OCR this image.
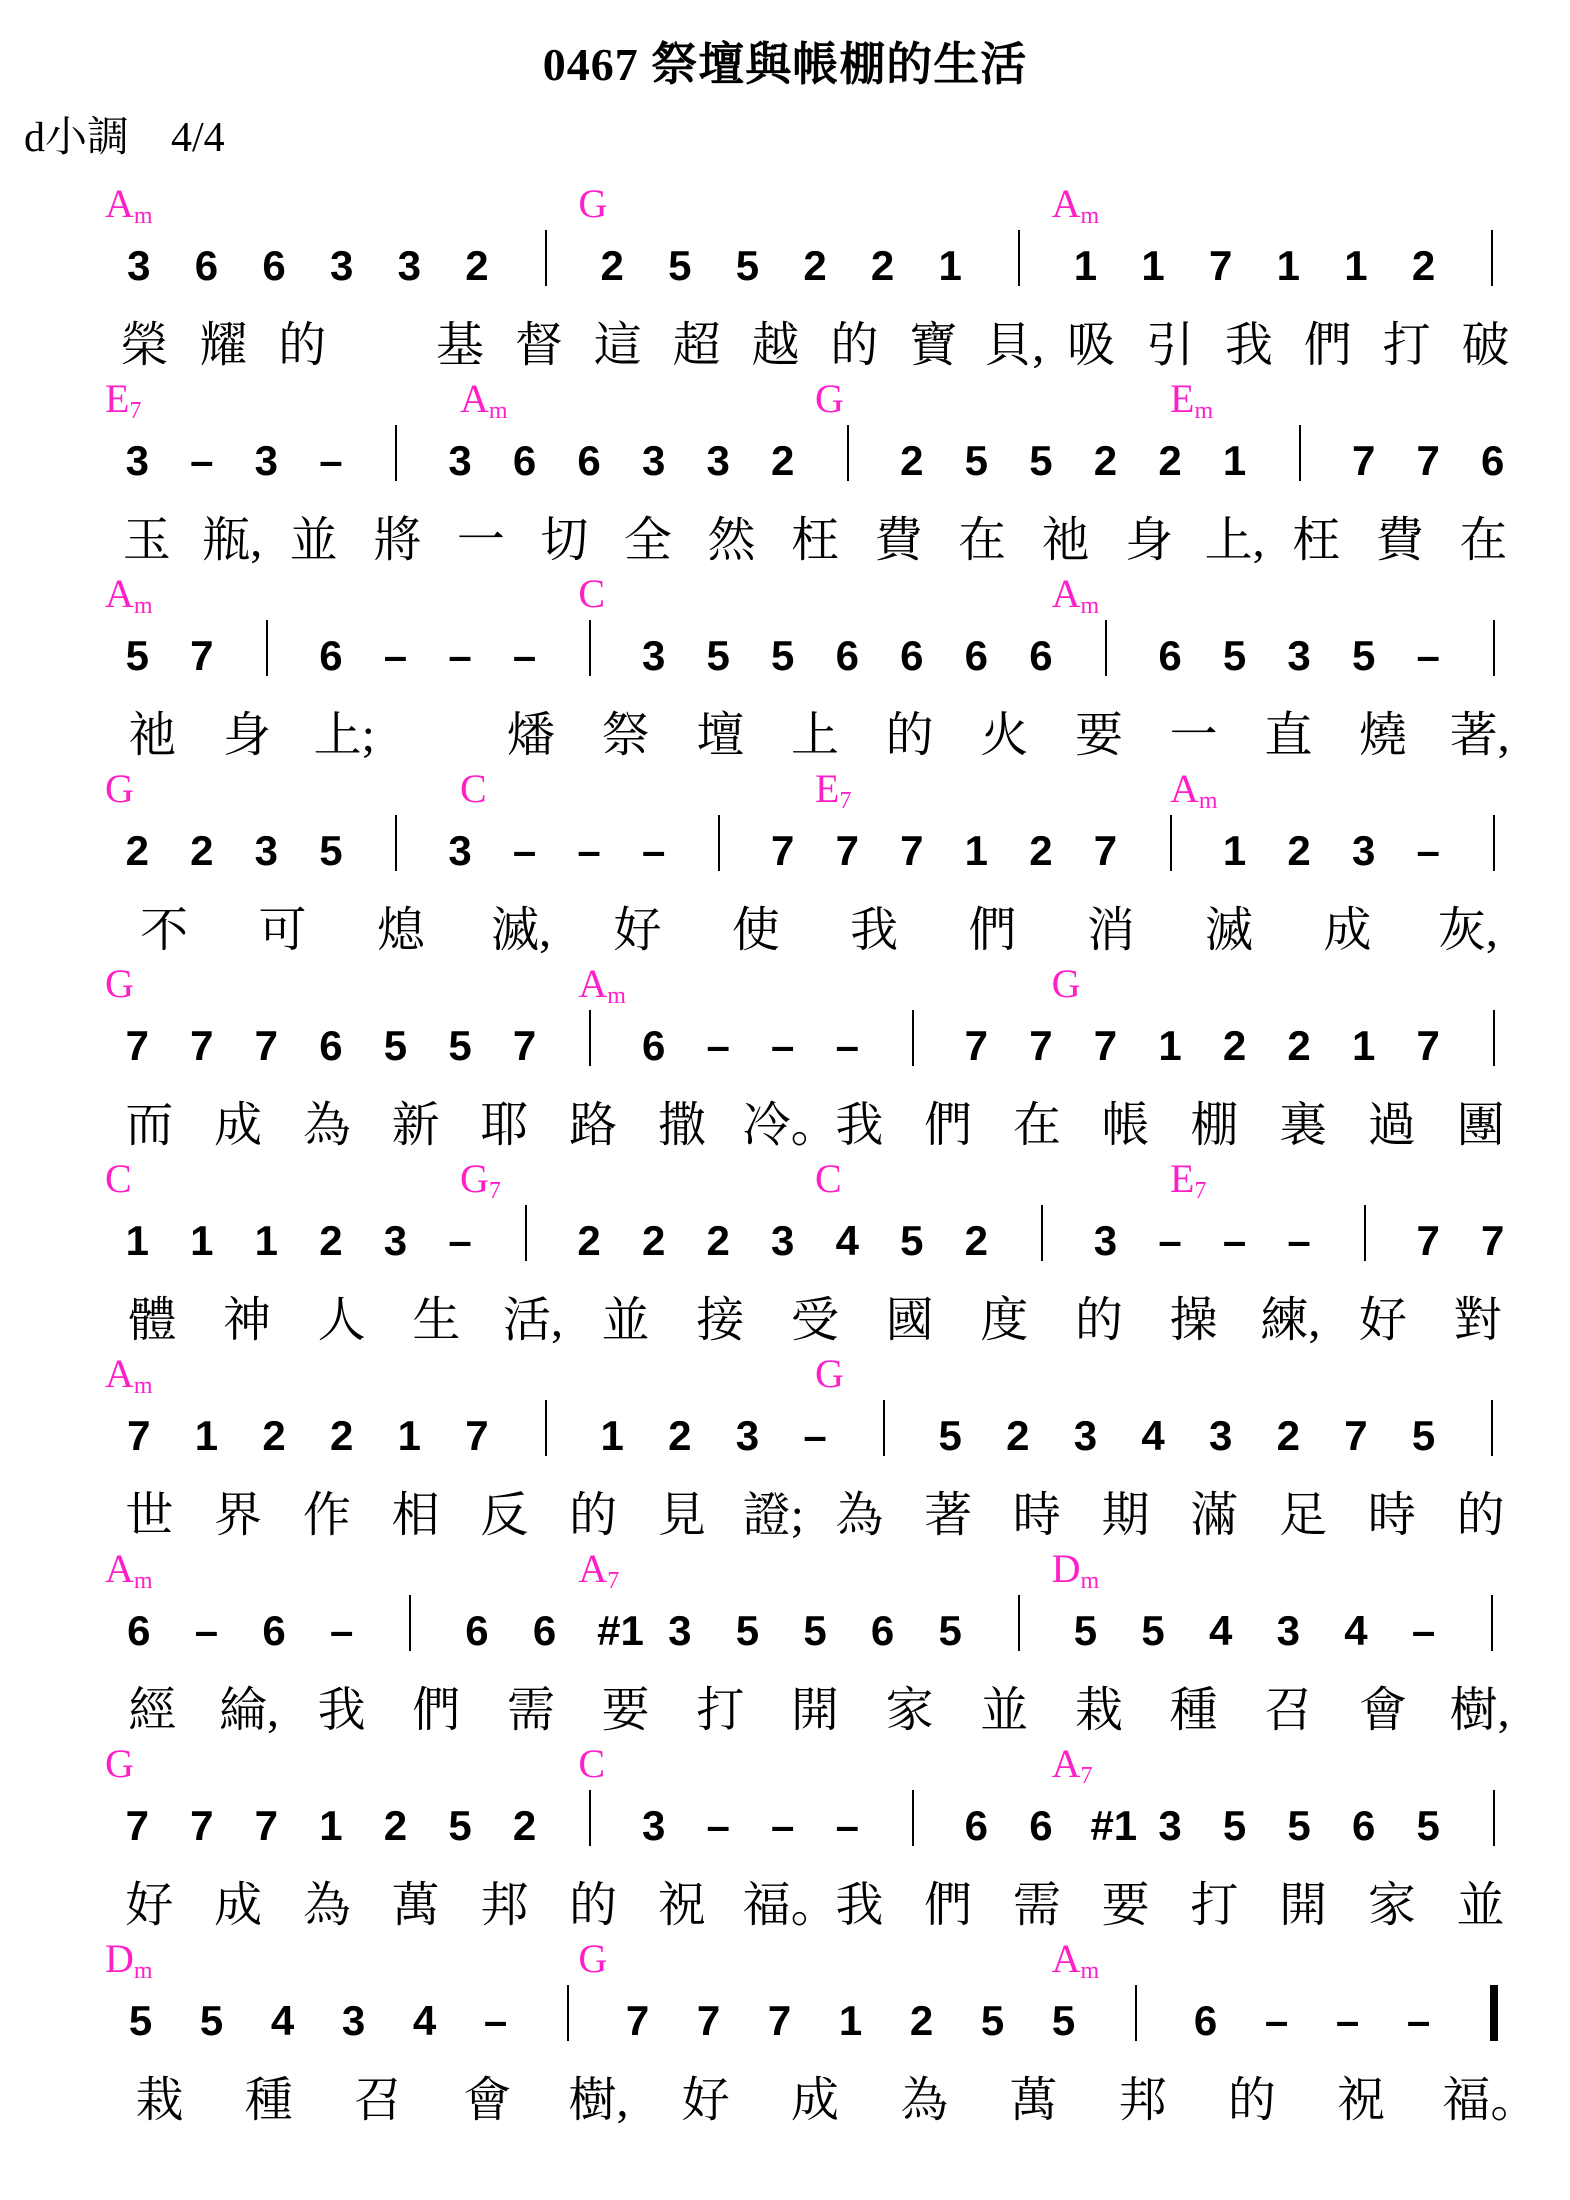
0467 祭壇與帳棚的生活
d小調　4/4
$A_m$	G	$A_m$
3 6 6 3 3 2	2 5 5 2 2 1	1 1 7 1 1 2
榮 耀 的 基 督 這 超 越 的 寶 貝, 吸 引 我 們 打 破
$E_7$	$A_m$	G	$E_m$
3 – 3 –	3 6 6 3 3 2	2 5 5 2 2 1	7 7 6
玉 瓶, 並 將 一 切 全 然 枉 費 在 祂 身 上, 枉 費 在
$A_m$	C	$A_m$
5 7	6 – – –	3 5 5 6 6 6 6	6 5 3 5 –
祂 身 上;	燔 祭 壇 上 的 火 要 一 直 燒 著,
G	C	$E_7$	$A_m$
2 2 3 5	3 – – –	7 7 7 1 2 7	1 2 3 –
不 可 熄 滅, 好 使 我 們 消 滅 成 灰,
G	$A_m$	G
7 7 7 6 5 5 7	6 – – –	7 7 7 1 2 2 1 7
而 成 為 新 耶 路 撒 冷。
我 們 在 帳 棚 裏 過 團
C	$G_7$	C	$E_7$
1 1 1 2 3 –	2 2 2 3 4 5 2	3 – – –	7 7
體 神 人 生 活, 並 接 受 國 度 的 操 練, 好 對
$A_m$	G
7 1 2 2 1 7	1 2 3 –	5 2 3 4 3 2 7 5
世 界 作 相 反 的 見 證; 為 著 時 期 滿 足 時 的
$A_m$	$A_7$	$D_m$
6 – 6 –	6 6 #1 3 5 5 6 5	5 5 4 3 4 –
經 綸, 我 們 需 要 打 開 家 並 栽 種 召 會 樹,
G	C	$A_7$
7 7 7 1 2 5 2	3 – – –	6 6 #1 3 5 5 6 5
好 成 為 萬 邦 的 祝 福。
我 們 需 要 打 開 家 並
$D_m$	G	$A_m$
5 5 4 3 4 –	7 7 7 1 2 5 5	6 – – –
栽 種 召 會 樹, 好 成 為 萬 邦 的 祝 福。
